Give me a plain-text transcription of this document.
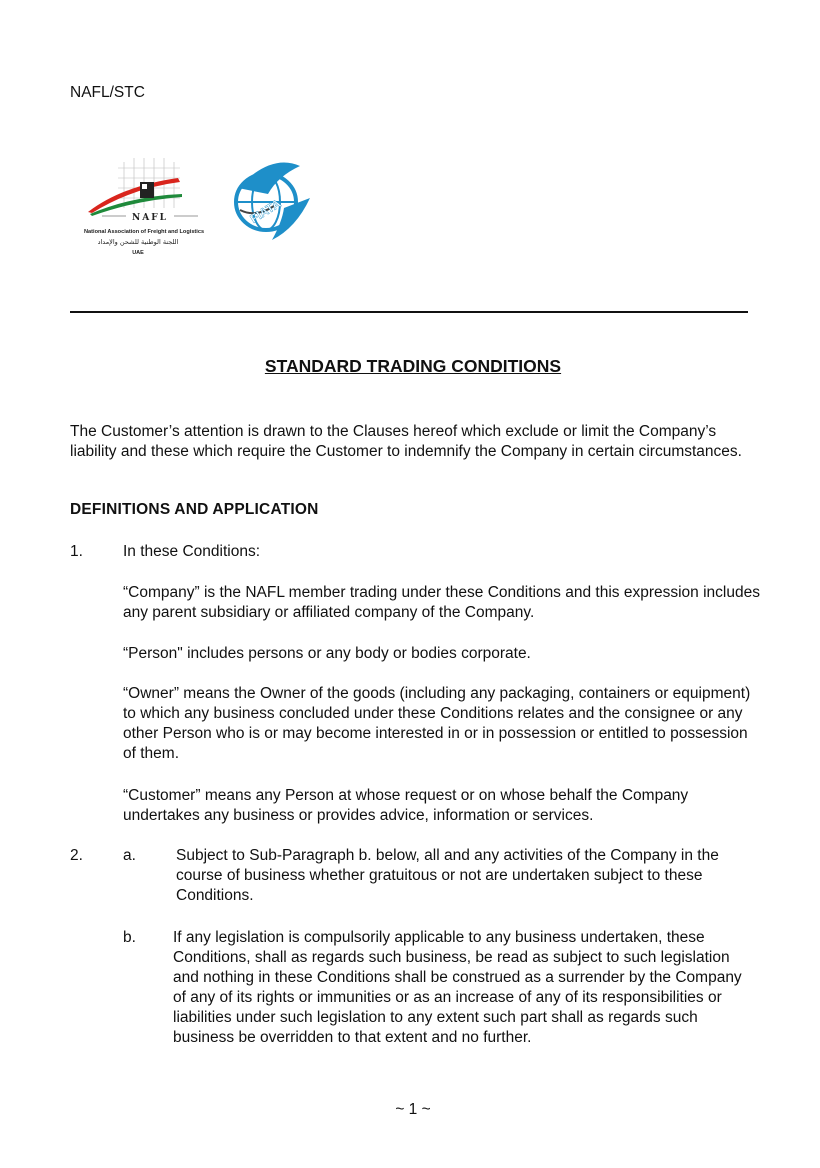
NAFL/STC
NAFL
National Association of Freight and Logistics
اللجنة الوطنية للشحن والإمداد
UAE
FIATA
STANDARD TRADING CONDITIONS
The Customer’s attention is drawn to the Clauses hereof which exclude or limit the Company’s liability and these which require the Customer to indemnify the Company in certain circumstances.
DEFINITIONS AND APPLICATION
1.	In these Conditions:
“Company” is the NAFL member trading under these Conditions and this expression includes any parent subsidiary or affiliated company of the Company.
“Person" includes persons or any body or bodies corporate.
“Owner” means the Owner of the goods (including any packaging, containers or equipment) to which any business concluded under these Conditions relates and the consignee or any other Person who is or may become interested in or in possession or entitled to possession of them.
“Customer” means any Person at whose request or on whose behalf the Company undertakes any business or provides advice, information or services.
2.	a.	Subject to Sub-Paragraph b. below, all and any activities of the Company in the course of business whether gratuitous or not are undertaken subject to these Conditions.
b. If any legislation is compulsorily applicable to any business undertaken, these Conditions, shall as regards such business, be read as subject to such legislation and nothing in these Conditions shall be construed as a surrender by the Company of any of its rights or immunities or as an increase of any of its responsibilities or liabilities under such legislation to any extent such part shall as regards such business be overridden to that extent and no further.
~ 1 ~
